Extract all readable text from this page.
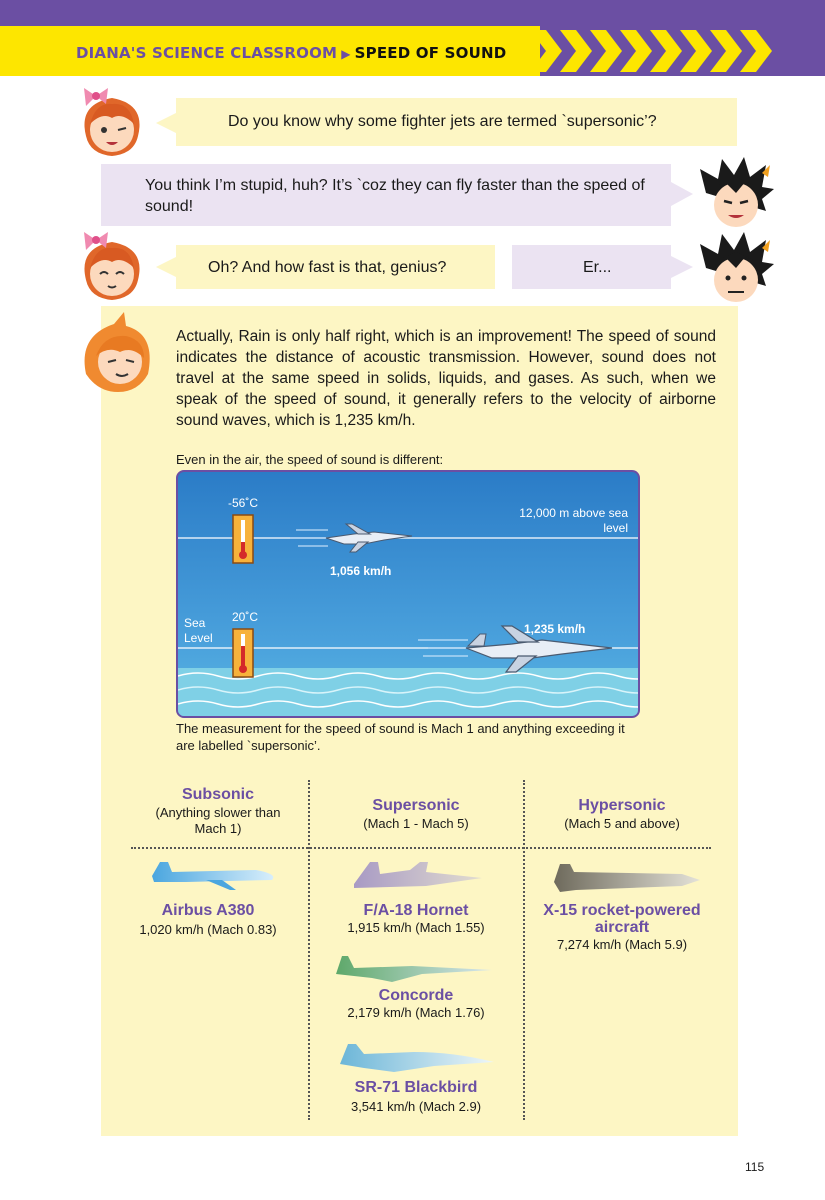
DIANA'S SCIENCE CLASSROOM ▶ SPEED OF SOUND
Do you know why some fighter jets are termed `supersonic’?
You think I’m stupid, huh? It’s `coz they can fly faster than the speed of sound!
Oh? And how fast is that, genius?	Er...
Actually, Rain is only half right, which is an improvement! The speed of sound indicates the distance of acoustic transmission. However, sound does not travel at the same speed in solids, liquids, and gases. As such, when we speak of the speed of sound, it generally refers to the velocity of airborne sound waves, which is 1,235 km/h.
Even in the air, the speed of sound is different:
-56˚C
12,000 m above sea level
1,056 km/h
20˚C
Sea Level
1,235 km/h
The measurement for the speed of sound is Mach 1 and anything exceeding it are labelled `supersonic’.
Subsonic
(Anything slower than Mach 1)
Supersonic
(Mach 1 - Mach 5)
Hypersonic
(Mach 5 and above)
Airbus A380
1,020 km/h (Mach 0.83)
F/A-18 Hornet
1,915 km/h (Mach 1.55)
Concorde
2,179 km/h (Mach 1.76)
SR-71 Blackbird
3,541 km/h (Mach 2.9)
X-15 rocket-powered aircraft
7,274 km/h (Mach 5.9)
115
